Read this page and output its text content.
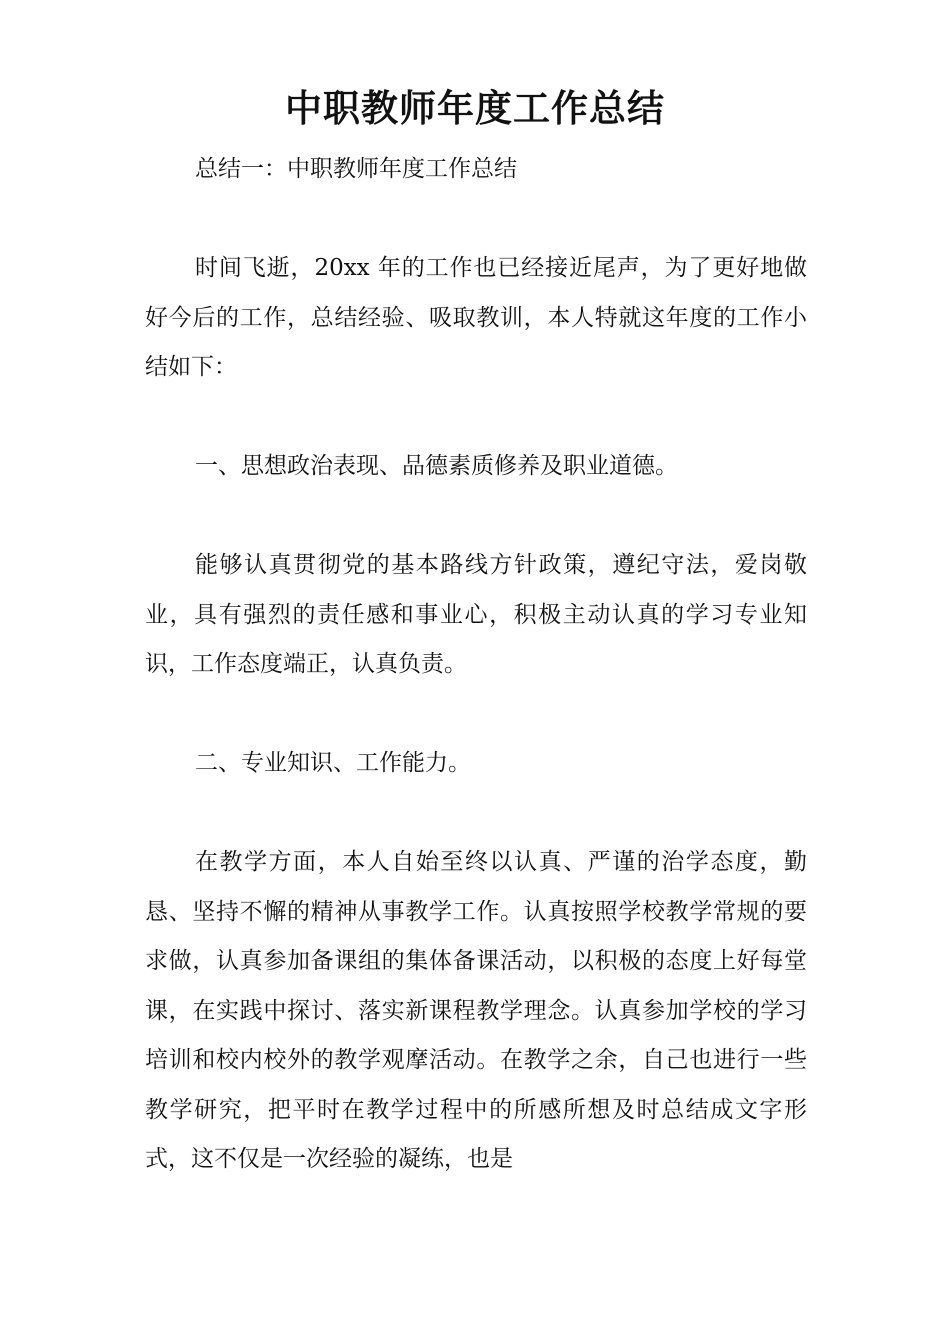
中职教师年度工作总结

总结一：中职教师年度工作总结

时间飞逝，20xx 年的工作也已经接近尾声，为了更好地做好今后的工作，总结经验、吸取教训，本人特就这年度的工作小结如下：

一、思想政治表现、品德素质修养及职业道德。

能够认真贯彻党的基本路线方针政策，遵纪守法，爱岗敬业，具有强烈的责任感和事业心，积极主动认真的学习专业知识，工作态度端正，认真负责。

二、专业知识、工作能力。

在教学方面，本人自始至终以认真、严谨的治学态度，勤恳、坚持不懈的精神从事教学工作。认真按照学校教学常规的要求做，认真参加备课组的集体备课活动，以积极的态度上好每堂课，在实践中探讨、落实新课程教学理念。认真参加学校的学习培训和校内校外的教学观摩活动。在教学之余，自己也进行一些教学研究，把平时在教学过程中的所感所想及时总结成文字形式，这不仅是一次经验的凝练，也是
